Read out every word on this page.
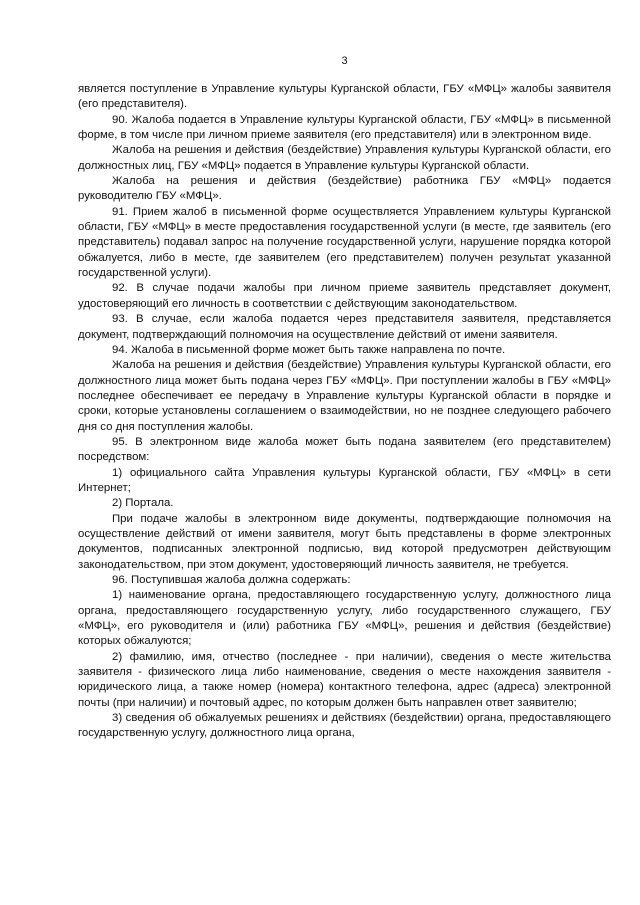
3

является поступление в Управление культуры Курганской области, ГБУ «МФЦ» жалобы заявителя (его представителя).

90. Жалоба подается в Управление культуры Курганской области, ГБУ «МФЦ» в письменной форме, в том числе при личном приеме заявителя (его представителя) или в электронном виде.

Жалоба на решения и действия (бездействие) Управления культуры Курганской области, его должностных лиц, ГБУ «МФЦ» подается в Управление культуры Курганской области.

Жалоба на решения и действия (бездействие) работника ГБУ «МФЦ» подается руководителю ГБУ «МФЦ».

91. Прием жалоб в письменной форме осуществляется Управлением культуры Курганской области, ГБУ «МФЦ» в месте предоставления государственной услуги (в месте, где заявитель (его представитель) подавал запрос на получение государственной услуги, нарушение порядка которой обжалуется, либо в месте, где заявителем (его представителем) получен результат указанной государственной услуги).

92. В случае подачи жалобы при личном приеме заявитель представляет документ, удостоверяющий его личность в соответствии с действующим законодательством.

93. В случае, если жалоба подается через представителя заявителя, представляется документ, подтверждающий полномочия на осуществление действий от имени заявителя.

94. Жалоба в письменной форме может быть также направлена по почте.

Жалоба на решения и действия (бездействие) Управления культуры Курганской области, его должностного лица может быть подана через ГБУ «МФЦ». При поступлении жалобы в ГБУ «МФЦ» последнее обеспечивает ее передачу в Управление культуры Курганской области в порядке и сроки, которые установлены соглашением о взаимодействии, но не позднее следующего рабочего дня со дня поступления жалобы.

95. В электронном виде жалоба может быть подана заявителем (его представителем) посредством:

1) официального сайта Управления культуры Курганской области, ГБУ «МФЦ» в сети Интернет;

2) Портала.

При подаче жалобы в электронном виде документы, подтверждающие полномочия на осуществление действий от имени заявителя, могут быть представлены в форме электронных документов, подписанных электронной подписью, вид которой предусмотрен действующим законодательством, при этом документ, удостоверяющий личность заявителя, не требуется.

96. Поступившая жалоба должна содержать:

1) наименование органа, предоставляющего государственную услугу, должностного лица органа, предоставляющего государственную услугу, либо государственного служащего, ГБУ «МФЦ», его руководителя и (или) работника ГБУ «МФЦ», решения и действия (бездействие) которых обжалуются;

2) фамилию, имя, отчество (последнее - при наличии), сведения о месте жительства заявителя - физического лица либо наименование, сведения о месте нахождения заявителя - юридического лица, а также номер (номера) контактного телефона, адрес (адреса) электронной почты (при наличии) и почтовый адрес, по которым должен быть направлен ответ заявителю;

3) сведения об обжалуемых решениях и действиях (бездействии) органа, предоставляющего государственную услугу, должностного лица органа,
